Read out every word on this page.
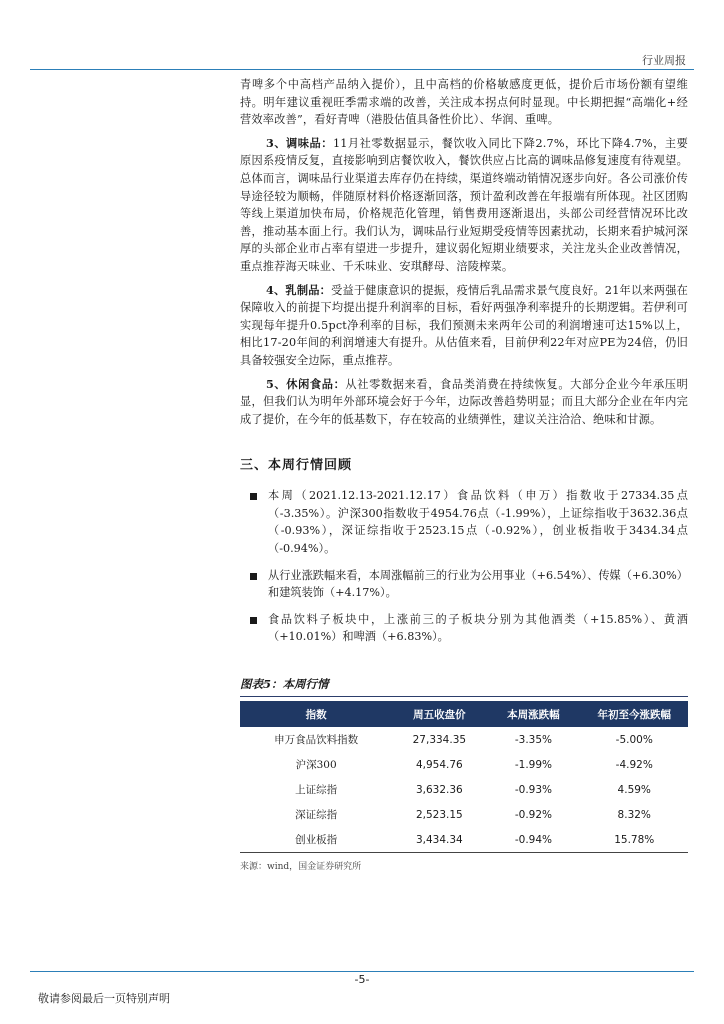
行业周报

青啤多个中高档产品纳入提价），且中高档的价格敏感度更低，提价后市场份额有望维持。明年建议重视旺季需求端的改善，关注成本拐点何时显现。中长期把握“高端化+经营效率改善”，看好青啤（港股估值具备性价比）、华润、重啤。

3、调味品：11月社零数据显示，餐饮收入同比下降2.7%，环比下降4.7%，主要原因系疫情反复，直接影响到店餐饮收入，餐饮供应占比高的调味品修复速度有待观望。总体而言，调味品行业渠道去库存仍在持续，渠道终端动销情况逐步向好。各公司涨价传导途径较为顺畅，伴随原材料价格逐渐回落，预计盈利改善在年报端有所体现。社区团购等线上渠道加快布局，价格规范化管理，销售费用逐渐退出，头部公司经营情况环比改善，推动基本面上行。我们认为，调味品行业短期受疫情等因素扰动，长期来看护城河深厚的头部企业市占率有望进一步提升，建议弱化短期业绩要求，关注龙头企业改善情况，重点推荐海天味业、千禾味业、安琪酵母、涪陵榨菜。

4、乳制品：受益于健康意识的提振，疫情后乳品需求景气度良好。21年以来两强在保障收入的前提下均提出提升利润率的目标，看好两强净利率提升的长期逻辑。若伊利可实现每年提升0.5pct净利率的目标，我们预测未来两年公司的利润增速可达15%以上，相比17-20年间的利润增速大有提升。从估值来看，目前伊利22年对应PE为24倍，仍旧具备较强安全边际，重点推荐。

5、休闲食品：从社零数据来看，食品类消费在持续恢复。大部分企业今年承压明显，但我们认为明年外部环境会好于今年，边际改善趋势明显；而且大部分企业在年内完成了提价，在今年的低基数下，存在较高的业绩弹性，建议关注洽洽、绝味和甘源。

三、本周行情回顾
本周（2021.12.13-2021.12.17）食品饮料（申万）指数收于27334.35点（-3.35%）。沪深300指数收于4954.76点（-1.99%），上证综指收于3632.36点（-0.93%），深证综指收于2523.15点（-0.92%），创业板指收于3434.34点（-0.94%）。
从行业涨跌幅来看，本周涨幅前三的行业为公用事业（+6.54%）、传媒（+6.30%）和建筑装饰（+4.17%）。
食品饮料子板块中，上涨前三的子板块分别为其他酒类（+15.85%）、黄酒（+10.01%）和啤酒（+6.83%）。
图表5：本周行情
指数	周五收盘价	本周涨跌幅	年初至今涨跌幅
申万食品饮料指数	27,334.35	-3.35%	-5.00%
沪深300	4,954.76	-1.99%	-4.92%
上证综指	3,632.36	-0.93%	4.59%
深证综指	2,523.15	-0.92%	8.32%
创业板指	3,434.34	-0.94%	15.78%
来源：wind，国金证券研究所
-5-
敬请参阅最后一页特别声明
